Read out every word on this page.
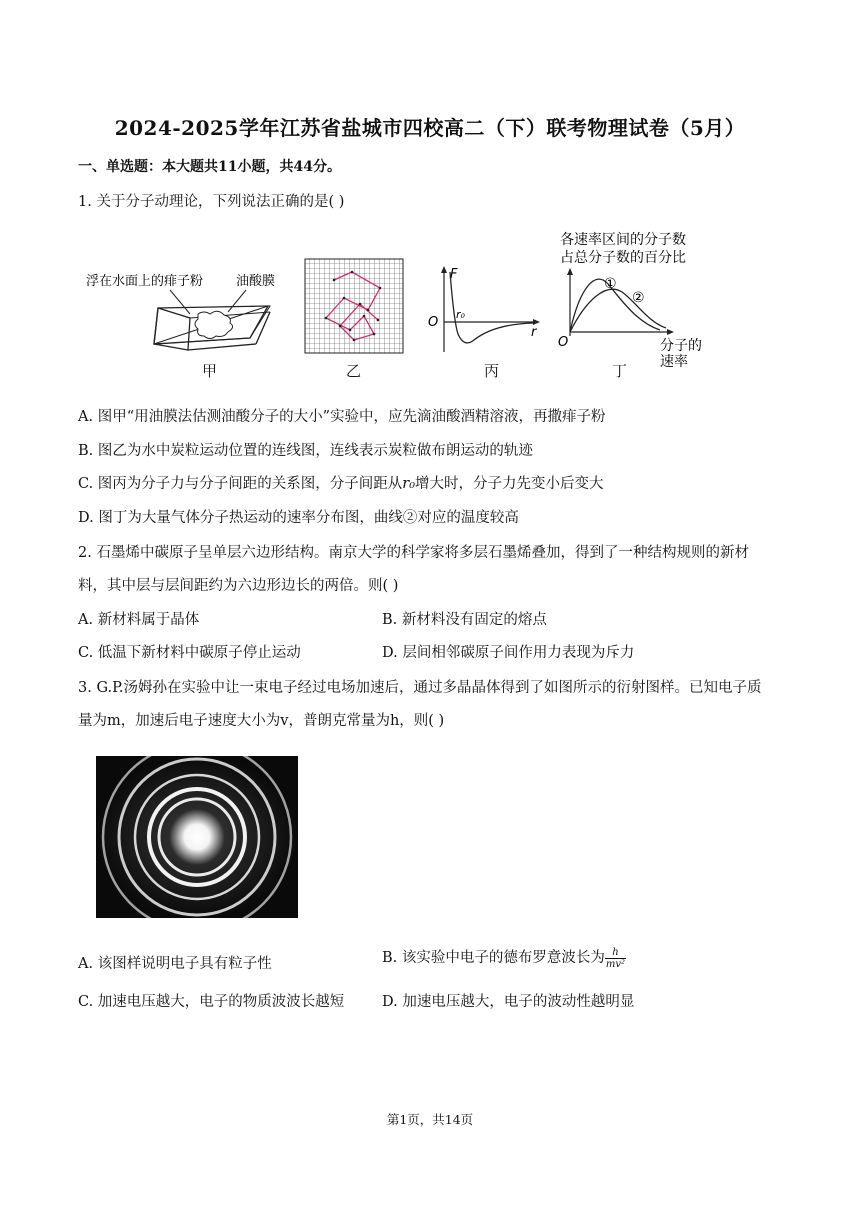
2024-2025学年江苏省盐城市四校高二（下）联考物理试卷（5月）
一、单选题：本大题共11小题，共44分。
1. 关于分子动理论，下列说法正确的是( )
浮在水面上的痱子粉	油酸膜
甲	乙
F
r
O
r₀
丙
各速率区间的分子数
占总分子数的百分比
O
①
②
分子的
速率
丁
A. 图甲“用油膜法估测油酸分子的大小”实验中，应先滴油酸酒精溶液，再撒痱子粉
B. 图乙为水中炭粒运动位置的连线图，连线表示炭粒做布朗运动的轨迹
C. 图丙为分子力与分子间距的关系图，分子间距从r₀增大时，分子力先变小后变大
D. 图丁为大量气体分子热运动的速率分布图，曲线②对应的温度较高
2. 石墨烯中碳原子呈单层六边形结构。南京大学的科学家将多层石墨烯叠加，得到了一种结构规则的新材
料，其中层与层间距约为六边形边长的两倍。则( )
A. 新材料属于晶体	B. 新材料没有固定的熔点
C. 低温下新材料中碳原子停止运动	D. 层间相邻碳原子间作用力表现为斥力
3. G.P.汤姆孙在实验中让一束电子经过电场加速后，通过多晶晶体得到了如图所示的衍射图样。已知电子质
量为m，加速后电子速度大小为v，普朗克常量为h，则( )
A. 该图样说明电子具有粒子性	B. 该实验中电子的德布罗意波长为 $\frac{h}{\text{mv²}}$
C. 加速电压越大，电子的物质波波长越短	D. 加速电压越大，电子的波动性越明显
第1页，共14页
